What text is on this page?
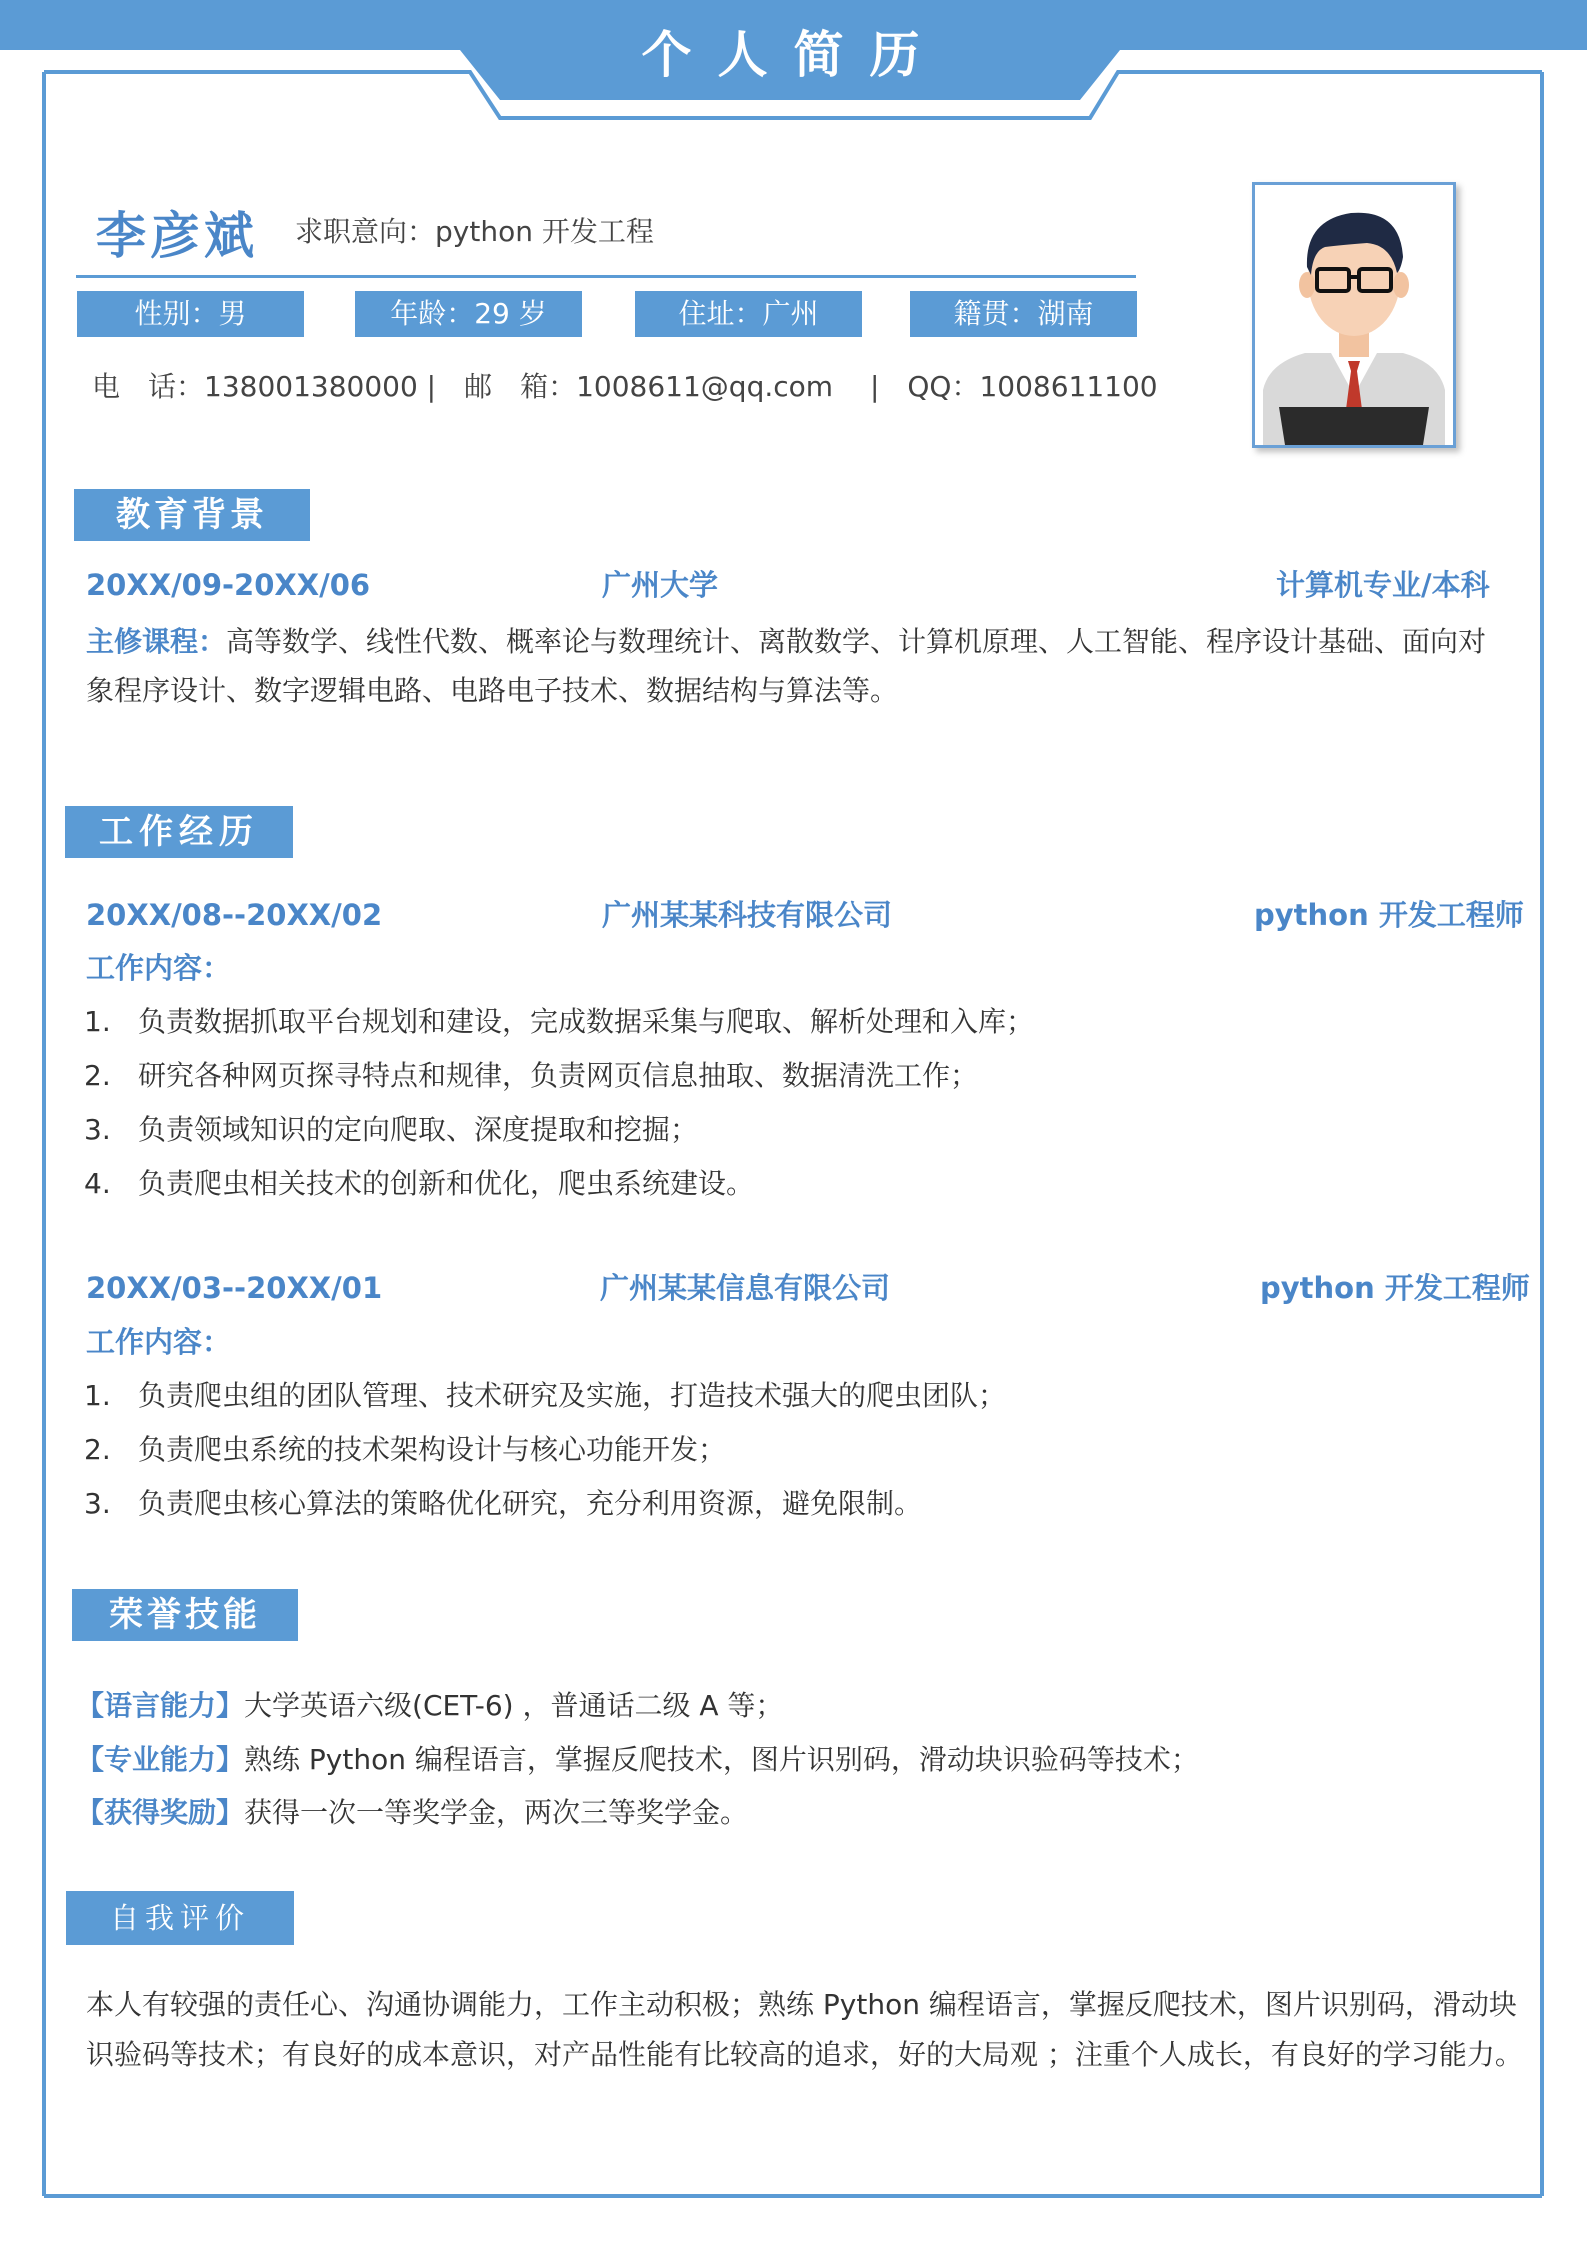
个人简历
李彦斌 求职意向：python 开发工程
性别：男	年龄：29 岁	住址：广州	籍贯：湖南
电　话：138001380000 |　邮　箱：1008611@qq.com　 |　QQ：1008611100
教育背景
20XX/09-20XX/06	广州大学	计算机专业/本科
主修课程：高等数学、线性代数、概率论与数理统计、离散数学、计算机原理、人工智能、程序设计基础、面向对
象程序设计、数字逻辑电路、电路电子技术、数据结构与算法等。
工作经历
20XX/08--20XX/02	广州某某科技有限公司	python 开发工程师
工作内容：
1. 负责数据抓取平台规划和建设，完成数据采集与爬取、解析处理和入库；
2. 研究各种网页探寻特点和规律，负责网页信息抽取、数据清洗工作；
3. 负责领域知识的定向爬取、深度提取和挖掘；
4. 负责爬虫相关技术的创新和优化，爬虫系统建设。
20XX/03--20XX/01	广州某某信息有限公司	python 开发工程师
工作内容：
1. 负责爬虫组的团队管理、技术研究及实施，打造技术强大的爬虫团队；
2. 负责爬虫系统的技术架构设计与核心功能开发；
3. 负责爬虫核心算法的策略优化研究，充分利用资源，避免限制。
荣誉技能
【语言能力】大学英语六级(CET-6) ，普通话二级 A 等；
【专业能力】熟练 Python 编程语言，掌握反爬技术，图片识别码，滑动块识验码等技术；
【获得奖励】获得一次一等奖学金，两次三等奖学金。
自我评价
本人有较强的责任心、沟通协调能力，工作主动积极；熟练 Python 编程语言，掌握反爬技术，图片识别码，滑动块识验码等技术；有良好的成本意识，对产品性能有比较高的追求，好的大局观 ；注重个人成长，有良好的学习能力。
